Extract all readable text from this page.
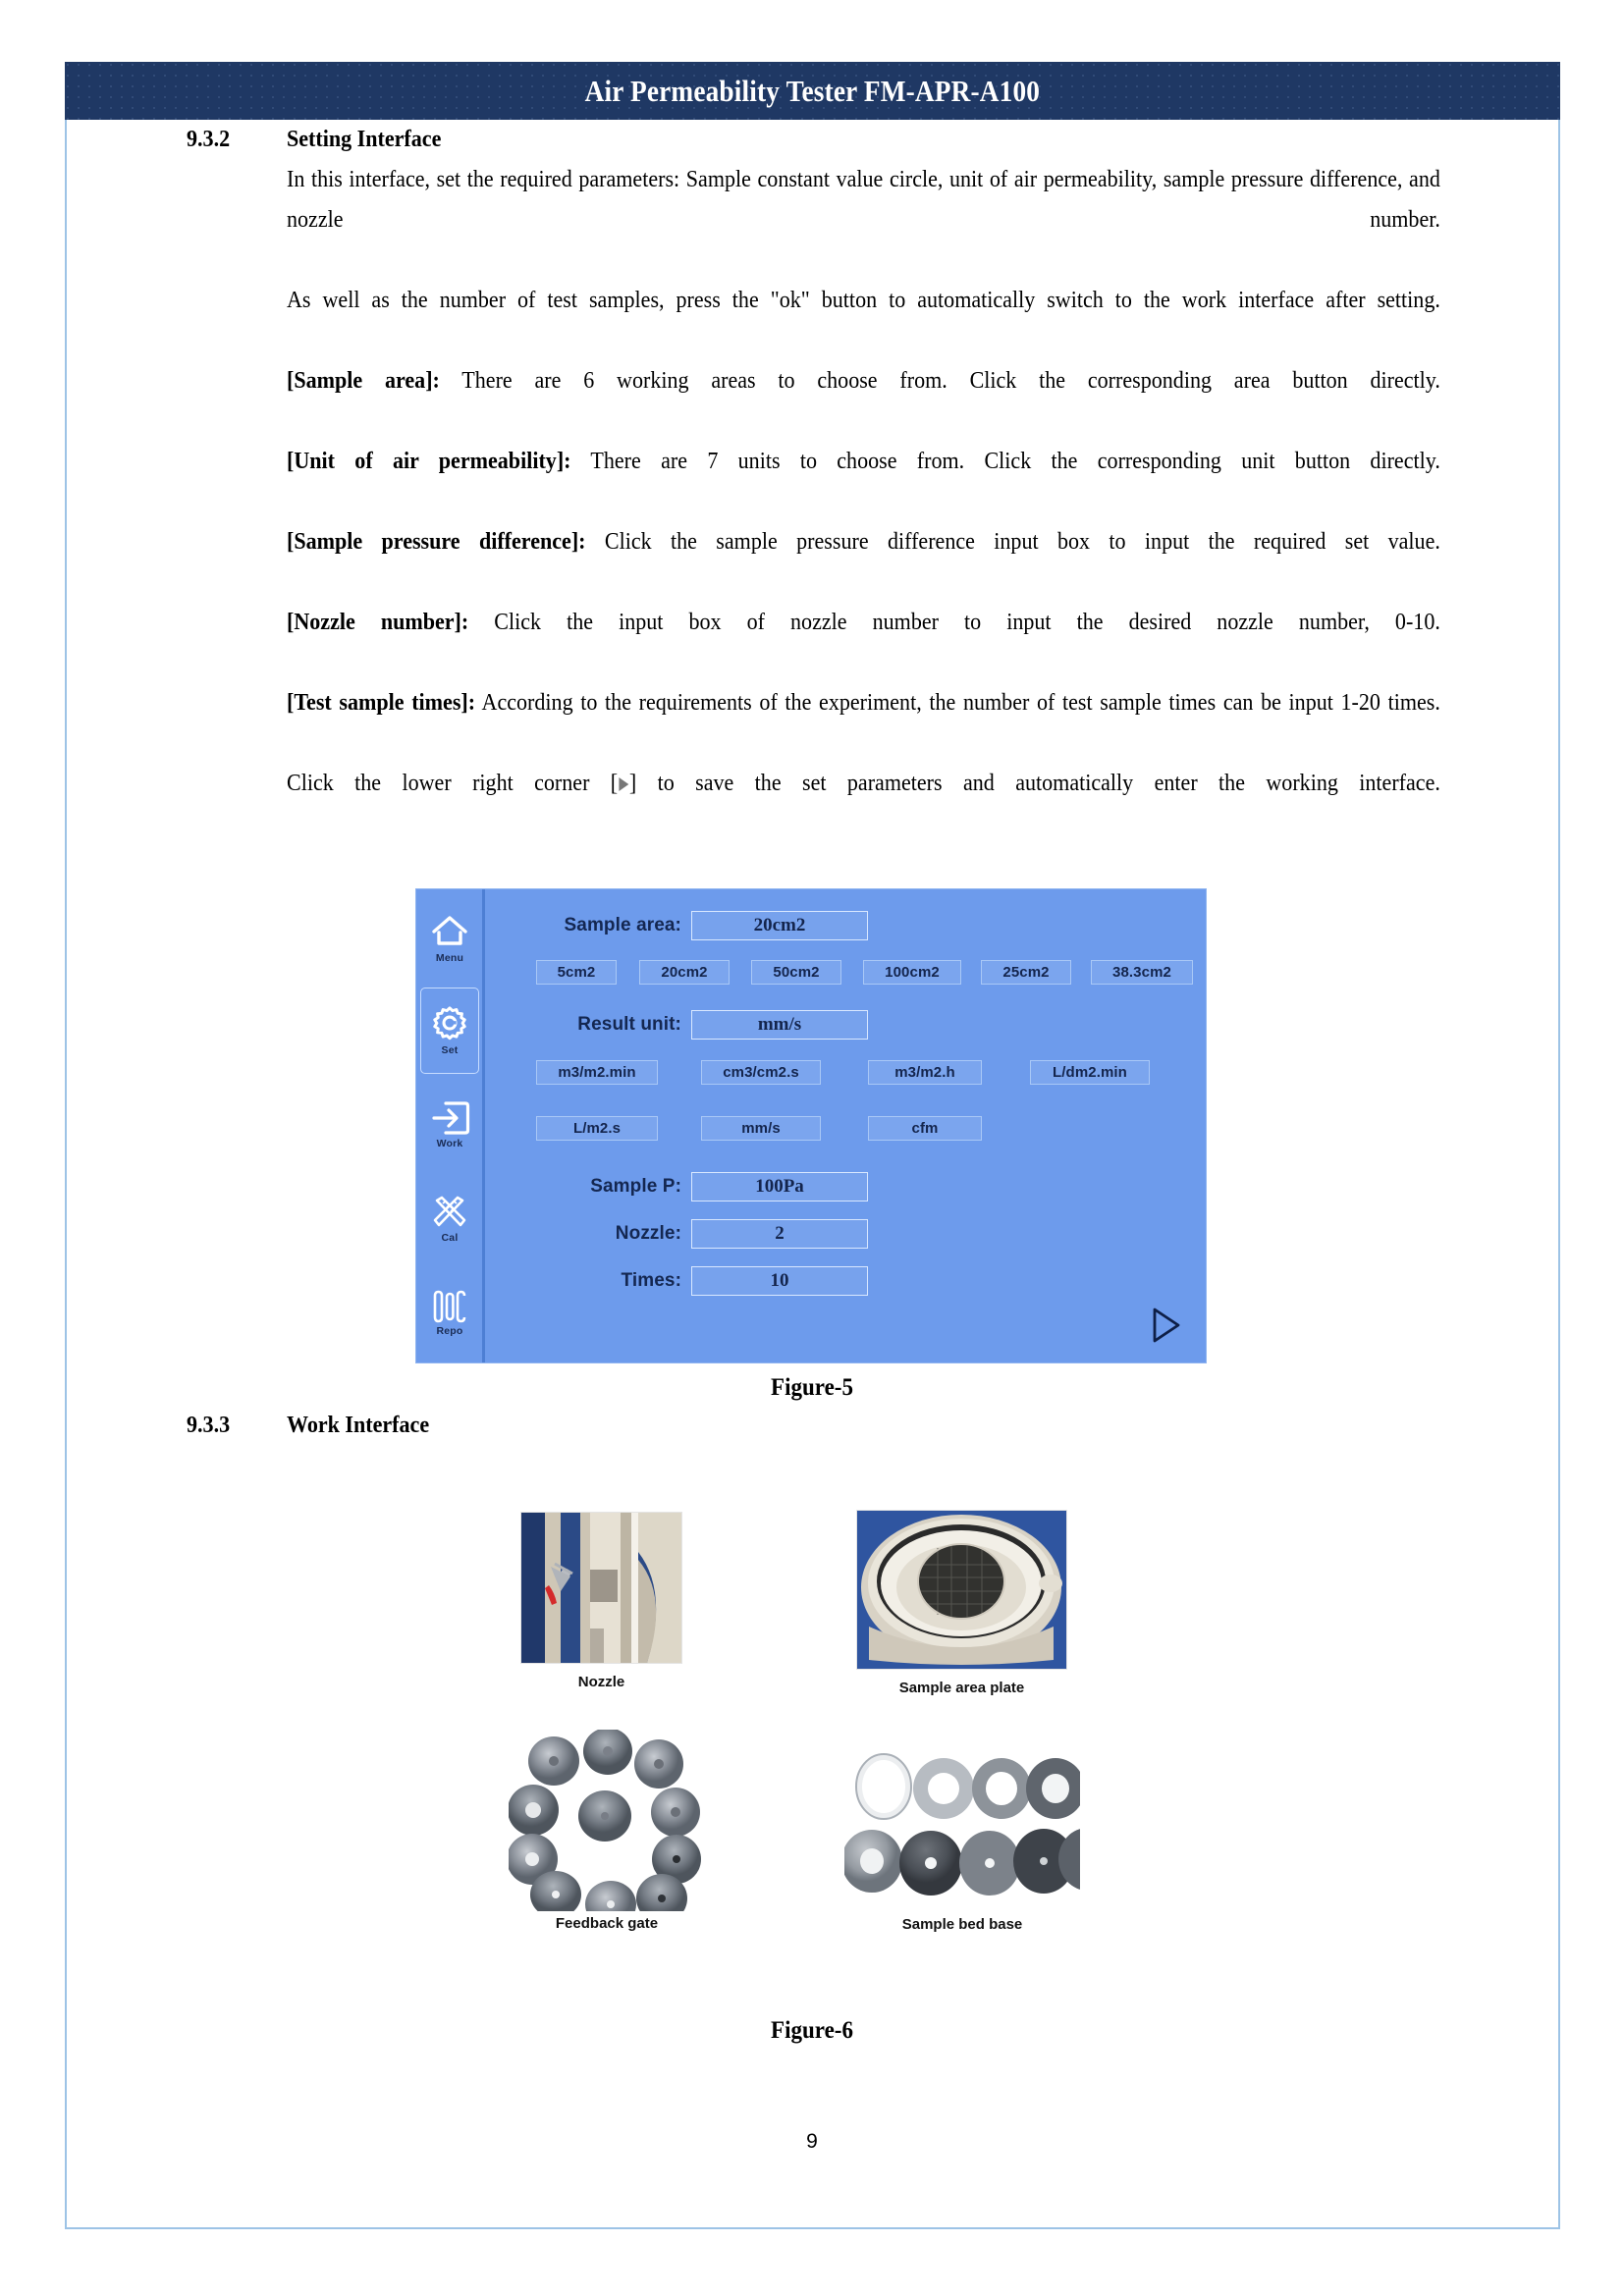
Air Permeability Tester FM-APR-A100
9.3.2	Setting Interface

In this interface, set the required parameters: Sample constant value circle, unit of air permeability, sample pressure difference, and nozzle number.

As well as the number of test samples, press the "ok" button to automatically switch to the work interface after setting.

[Sample area]: There are 6 working areas to choose from. Click the corresponding area button directly.

[Unit of air permeability]: There are 7 units to choose from. Click the corresponding unit button directly.

[Sample pressure difference]: Click the sample pressure difference input box to input the required set value.

[Nozzle number]: Click the input box of nozzle number to input the desired nozzle number, 0-10.

[Test sample times]: According to the requirements of the experiment, the number of test sample times can be input 1-20 times.

Click the lower right corner [ ] to save the set parameters and automatically enter the working interface.

Menu
Set
Work
Cal
Repo
Sample area:	20cm2
5cm2	20cm2	50cm2	100cm2	25cm2	38.3cm2
Result unit:	mm/s
m3/m2.min	cm3/cm2.s	m3/m2.h	L/dm2.min
L/m2.s	mm/s	cfm
Sample P:	100Pa
Nozzle:	2
Times:	10
Figure-5
9.3.3	Work Interface
Nozzle	Sample area plate
Feedback gate	Sample bed base
Figure-6
9
